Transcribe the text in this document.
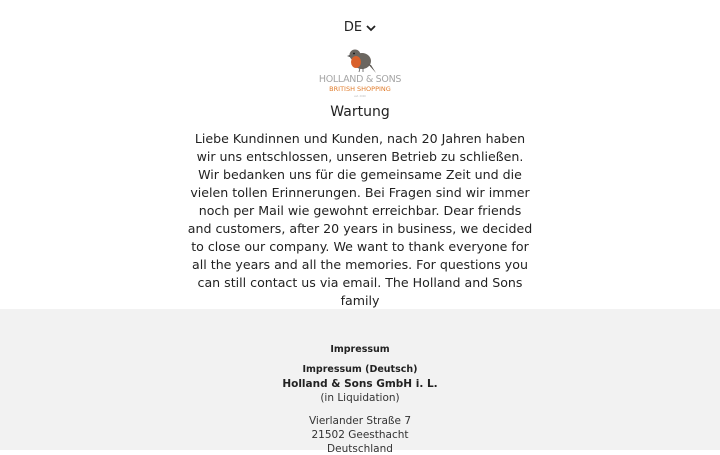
DE
HOLLAND & SONS
BRITISH SHOPPING
est. 2000
Wartung
Liebe Kundinnen und Kunden, nach 20 Jahren haben wir uns entschlossen, unseren Betrieb zu schließen. Wir bedanken uns für die gemeinsame Zeit und die vielen tollen Erinnerungen. Bei Fragen sind wir immer noch per Mail wie gewohnt erreichbar. Dear friends and customers, after 20 years in business, we decided to close our company. We want to thank everyone for all the years and all the memories. For questions you can still contact us via email. The Holland and Sons family
Impressum
Impressum (Deutsch)
Holland & Sons GmbH i. L.
(in Liquidation)
Vierlander Straße 7
21502 Geesthacht
Deutschland
